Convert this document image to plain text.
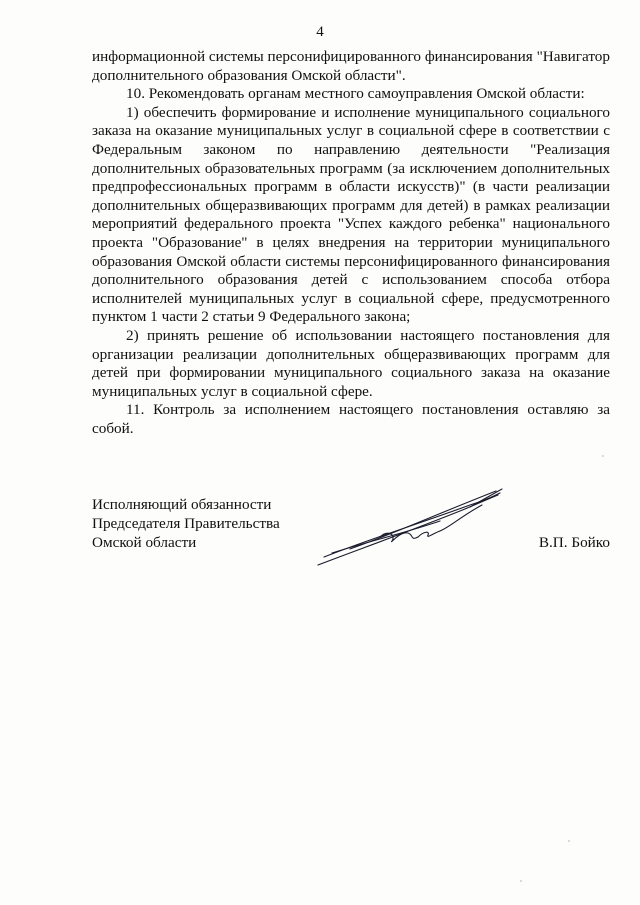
4

информационной системы персонифицированного финансирования "Навигатор дополнительного образования Омской области".

10. Рекомендовать органам местного самоуправления Омской области:

1) обеспечить формирование и исполнение муниципального социального заказа на оказание муниципальных услуг в социальной сфере в соответствии с Федеральным законом по направлению деятельности "Реализация дополнительных образовательных программ (за исключением дополнительных предпрофессиональных программ в области искусств)" (в части реализации дополнительных общеразвивающих программ для детей) в рамках реализации мероприятий федерального проекта "Успех каждого ребенка" национального проекта "Образование" в целях внедрения на территории муниципального образования Омской области системы персонифицированного финансирования дополнительного образования детей с использованием способа отбора исполнителей муниципальных услуг в социальной сфере, предусмотренного пунктом 1 части 2 статьи 9 Федерального закона;

2) принять решение об использовании настоящего постановления для организации реализации дополнительных общеразвивающих программ для детей при формировании муниципального социального заказа на оказание муниципальных услуг в социальной сфере.

11. Контроль за исполнением настоящего постановления оставляю за собой.

Исполняющий обязанности
Председателя Правительства
Омской области	В.П. Бойко
